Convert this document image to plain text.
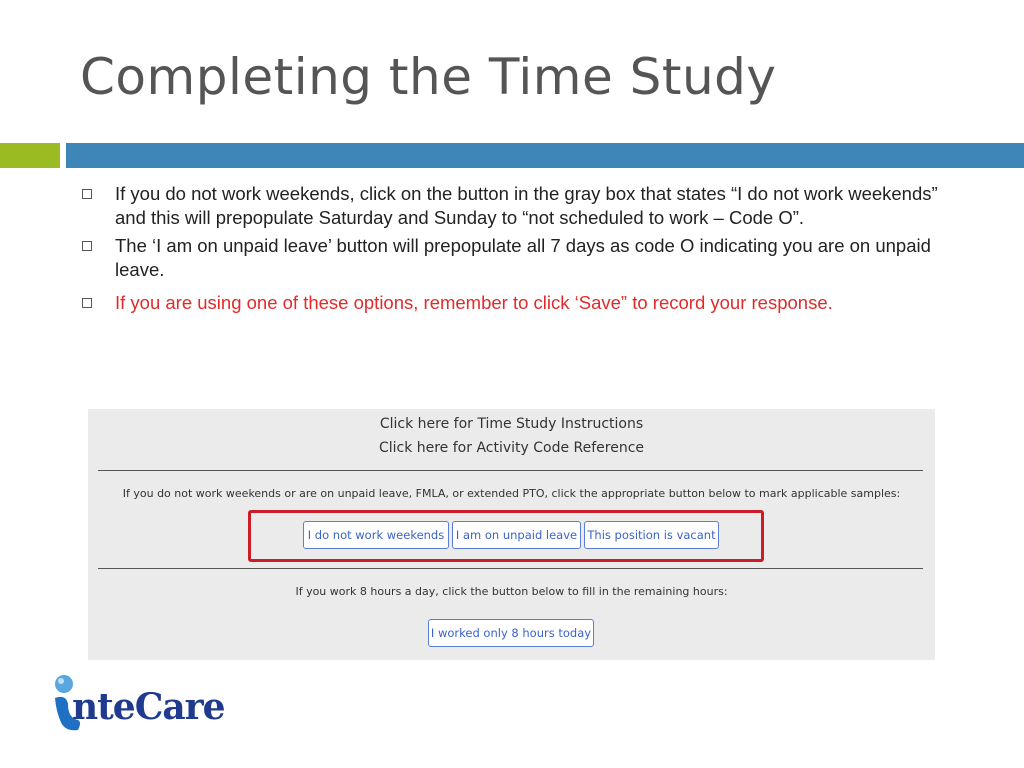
Completing the Time Study
If you do not work weekends, click on the button in the gray box that states “I do not work weekends” and this will prepopulate Saturday and Sunday to “not scheduled to work – Code O”.
The ‘I am on unpaid leave’ button will prepopulate all 7 days as code O indicating you are on unpaid leave.
If you are using one of these options, remember to click ‘Save” to record your response.
Click here for Time Study Instructions
Click here for Activity Code Reference
If you do not work weekends or are on unpaid leave, FMLA, or extended PTO, click the appropriate button below to mark applicable samples:
I do not work weekends	I am on unpaid leave This position is vacant
If you work 8 hours a day, click the button below to fill in the remaining hours:
I worked only 8 hours today
nteCare
